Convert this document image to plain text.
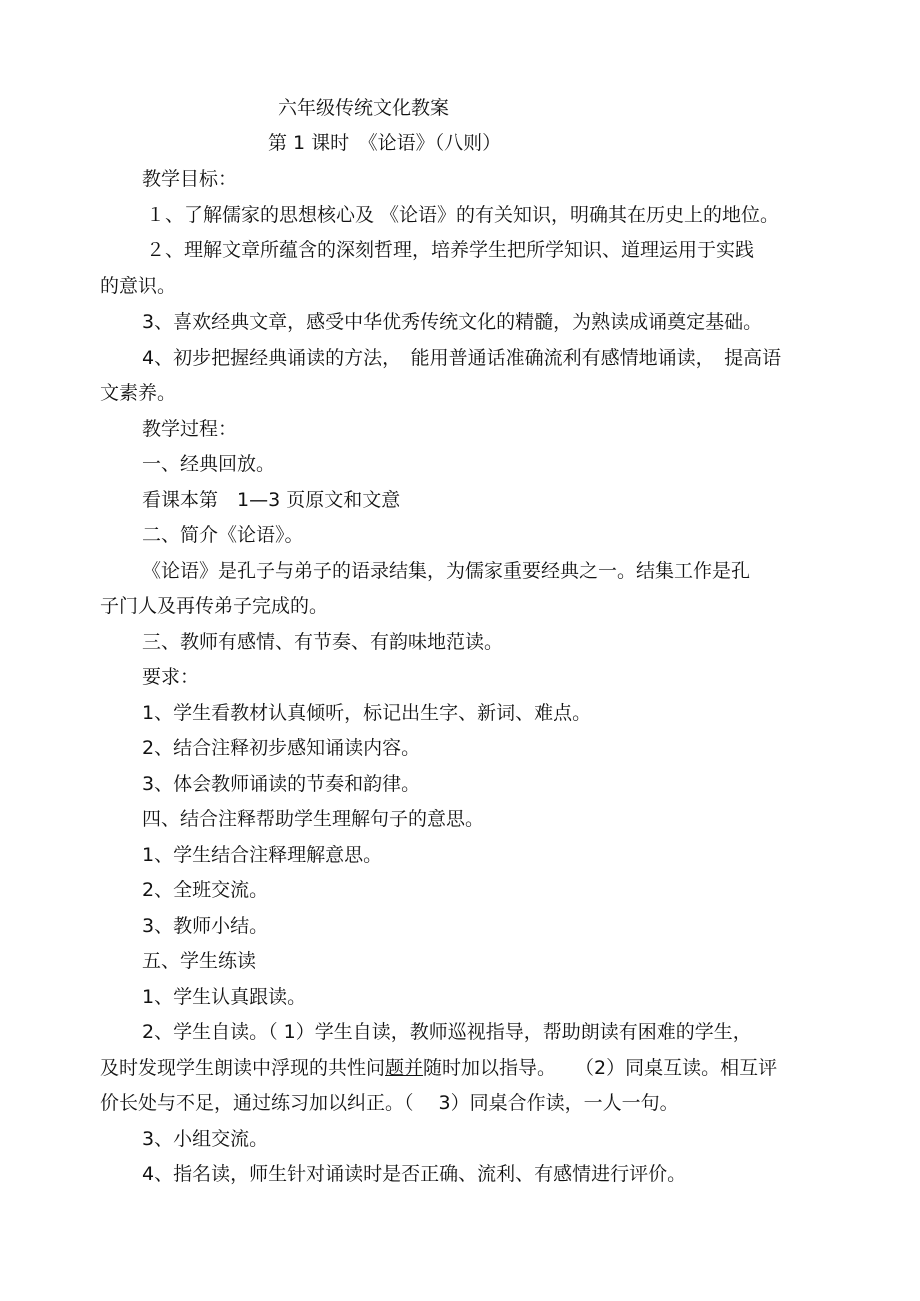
六年级传统文化教案
第 1 课时　《论语》（八则）
教学目标：
１、了解儒家的思想核心及 《论语》的有关知识，明确其在历史上的地位。
２、理解文章所蕴含的深刻哲理，培养学生把所学知识、道理运用于实践
的意识。
3、喜欢经典文章，感受中华优秀传统文化的精髓，为熟读成诵奠定基础。
4、初步把握经典诵读的方法，　能用普通话准确流利有感情地诵读，　提高语
文素养。
教学过程：
一、经典回放。
看课本第　1—3 页原文和文意
二、简介《论语》。
《论语》是孔子与弟子的语录结集，为儒家重要经典之一。结集工作是孔
子门人及再传弟子完成的。
三、教师有感情、有节奏、有韵味地范读。
要求：
1、学生看教材认真倾听，标记出生字、新词、难点。
2、结合注释初步感知诵读内容。
3、体会教师诵读的节奏和韵律。
四、结合注释帮助学生理解句子的意思。
1、学生结合注释理解意思。
2、全班交流。
3、教师小结。
五、学生练读
1、学生认真跟读。
2、学生自读。（ 1）学生自读，教师巡视指导，帮助朗读有困难的学生，
及时发现学生朗读中浮现的共性问题并随时加以指导。　　（2）同桌互读。相互评
价长处与不足，通过练习加以纠正。（　 3）同桌合作读，一人一句。
3、小组交流。
4、指名读，师生针对诵读时是否正确、流利、有感情进行评价。
